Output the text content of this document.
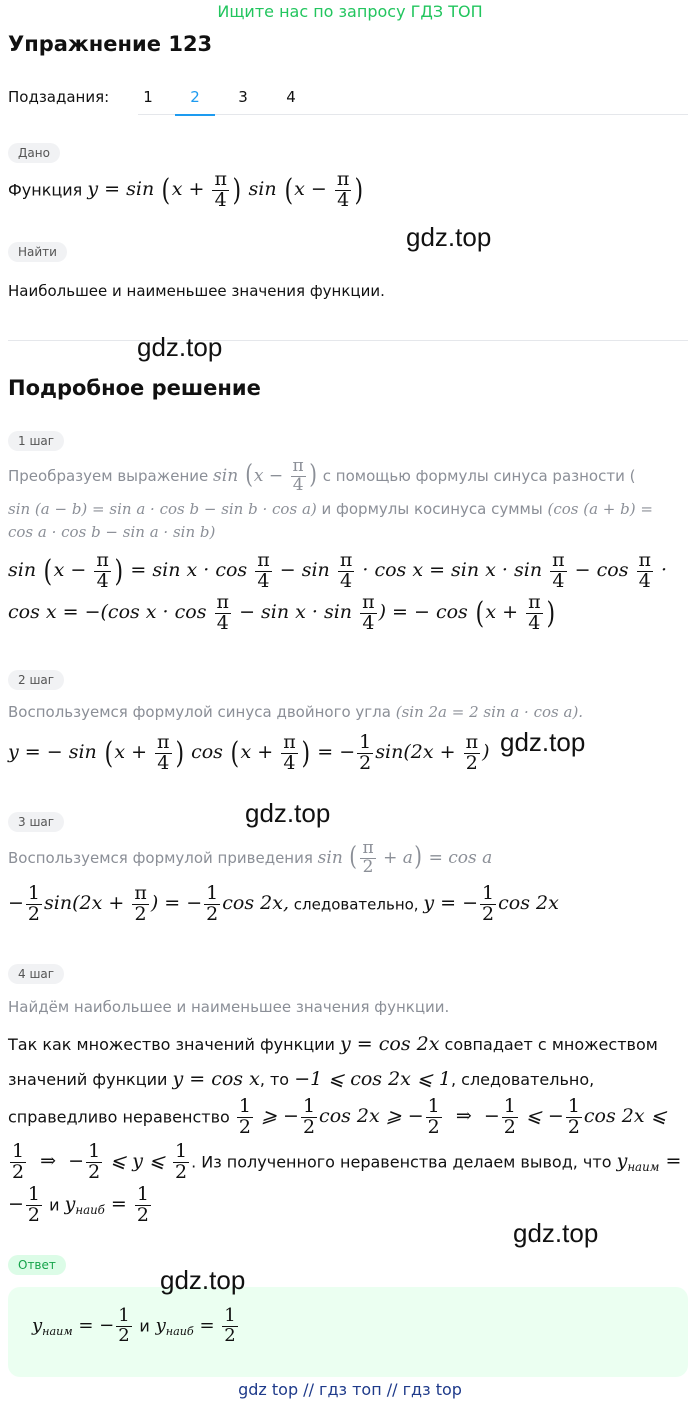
Ищите нас по запросу ГДЗ ТОП
Упражнение 123
Подзадания:	1	2	3	4
Дано
Функция $y = \sin (x + \frac{\pi}{4}$ ) $\sin (x - \frac{\pi}{4}$ )
Найти
Наибольшее и наименьшее значения функции.
Подробное решение
1 шаг
Преобразуем выражение $\sin (x - \frac{\pi}{4}$ ) с помощью формулы синуса разности (
sin (a − b) = sin a · cos b − sin b · cos a) и формулы косинуса суммы (cos (a + b) =
cos a · cos b − sin a · sin b)
$\sin (x - \frac{\pi}{4}$ ) = $\sin x \cdot \cos \frac{\pi}{4} - \sin \frac{\pi}{4} \cdot \cos x = \sin x \cdot \sin \frac{\pi}{4} - \cos \frac{\pi}{4}$ ·
cos x = −(cos $x \cdot \cos \frac{\pi}{4} - \sin x \cdot \sin \frac{\pi}{4}$ ) = − $\cos (x + \frac{\pi}{4}$ )
2 шаг
Воспользуемся формулой синуса двойного угла (sin 2a = 2 sin a · cos a).
y = − $\sin (x + \frac{\pi}{4}$ ) $\cos (x + \frac{\pi}{4}$ ) = − $\frac{1}{2} \sin(2x + \frac{\pi}{2}$ )
3 шаг
Воспользуемся формулой приведения sin ( $\frac{\pi}{2} + a) = \cos a$
− $\frac{1}{2} \sin(2x + \frac{\pi}{2}$ ) = − $\frac{1}{2}$ cos 2x, следовательно, y = − $\frac{1}{2}$ cos 2x
4 шаг
Найдём наибольшее и наименьшее значения функции.
Так как множество значений функции y = cos 2x совпадает с множеством
значений функции y = cos x, то −1 ⩽ cos 2x ⩽ 1, следовательно,
справедливо неравенство $\frac{1}{2}$ ⩾ − $\frac{1}{2}$ cos 2x ⩾ − $\frac{1}{2}$ ⇒  − $\frac{1}{2}$ ⩽ − $\frac{1}{2}$ cos 2x ⩽
$\frac{1}{2}$ ⇒  − $\frac{1}{2}$ ⩽ y ⩽ $\frac{1}{2}$ . Из полученного неравенства делаем вывод, что $y_{наим}$ =
− $\frac{1}{2}$ и $y_{наиб} = \frac{1}{2}$
Ответ
$y_{наим}$ = − $\frac{1}{2}$ и $y_{наиб} = \frac{1}{2}$
gdz.top
gdz.top
gdz.top
gdz.top
gdz.top
gdz.top
gdz top // гдз топ // гдз top
